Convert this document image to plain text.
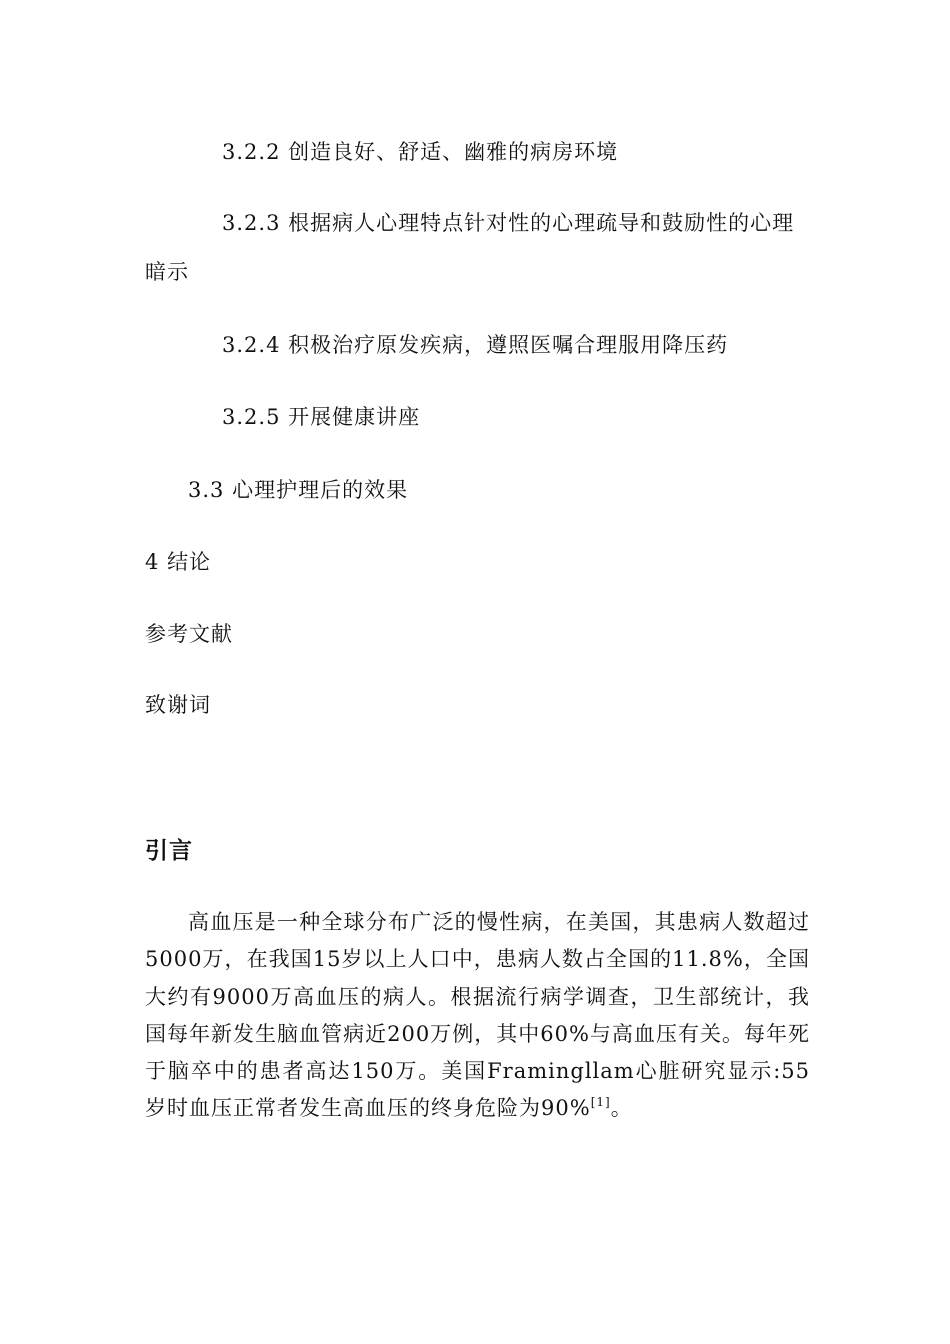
3.2.2 创造良好、舒适、幽雅的病房环境
3.2.3 根据病人心理特点针对性的心理疏导和鼓励性的心理
暗示
3.2.4 积极治疗原发疾病，遵照医嘱合理服用降压药
3.2.5 开展健康讲座
3.3 心理护理后的效果
4 结论
参考文献
致谢词
引言

高血压是一种全球分布广泛的慢性病，在美国，其患病人数超过5000万，在我国15岁以上人口中，患病人数占全国的11.8%，全国大约有9000万高血压的病人。根据流行病学调查，卫生部统计，我国每年新发生脑血管病近200万例，其中60%与高血压有关。每年死于脑卒中的患者高达150万。美国Framingllam心脏研究显示:55岁时血压正常者发生高血压的终身危险为90%[1]。
